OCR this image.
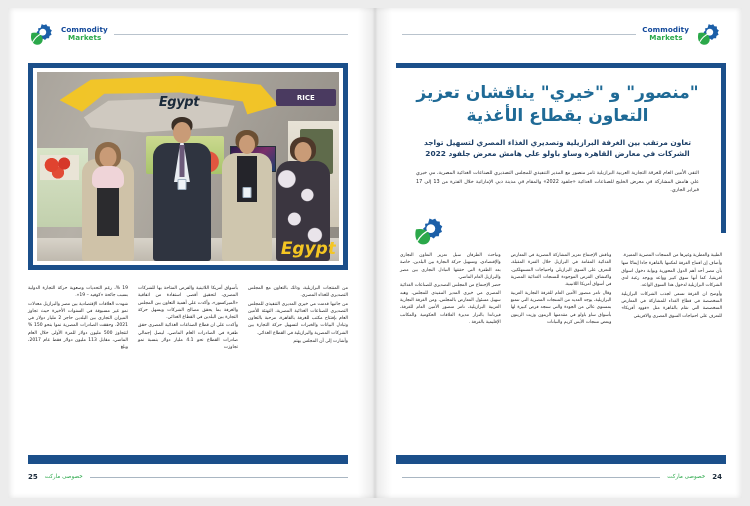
Commodity
Markets
Egypt	RICE
Egypt

19 %، رغم التحديات وصعوبة حركة التجارة الدولية بسبب جائحة «كوفيد – 19».

شهدت العلاقات الإقتصادية بين مصر والبرازيل معدلات نمو غير مسبوقة في السنوات الأخيرة حيث تجاوز الميزان التجاري بين البلدين حاجز 2 مليار دولار في 2021، وحققت الصادرات المصرية نموا بنحو 150 % لتتجاوز 500 مليون دولار للمرة الأولى خلال العام الماضي، مقابل 113 مليون دولار فقط عام 2017، وبلغ

بأسواق أمريكا اللاتينية والفرص المتاحة بها للشركات المصري، لتحقيق أقصى استفادة من اتفاقية «الميركسور»، وأكدت علي أهمية التعاون بين المجلس والغرفة بما يحقق مصالح الشركات ويسهل حركة التجارة بين البلدين في القطاع الغذائي.

وأكدت علي ان قطاع الصناعات الغذائية المصري حقق طفرة في الصادرات العام الماضي، ليصل إجمالي صادرات القطاع نحو 4.1 مليار دولار بنسبة نمو تجاوزت

من المنتجات البرازيلية، وذلك بالتعاون مع المجلس التصديري للغذاء المصري.

من جانبها قدمت مي خيري المديري التنفيذي للمجلس التصديري للصناعات الغذائية المصرية، التهنئة للأمين العام بإفتتاح مكتب للغرفة بالقاهرة، مرحبة بالتعاون وتبادل البيانات والخبرات لتسهيل حركة التجارة بين الشركات المصرية والبرازيلية في القطاع الغذائي.

وأشارت إلى أن المجلس يهتم

25 خصوصی مارکت
Commodity
Markets
"منصور" و "خيري" يناقشان تعزيز التعاون بقطاع الأغذية
تعاون مرتقب بين الغرفة البرازيلية وتصديري الغذاء المصري لتسهيل تواجد الشركات في معارض القاهرة وساو باولو علي هامش معرض جلفود 2022
التقى الأمين العام للغرفة التجارية العربية البرازيلية تامر منصور مع المدير التنفيذي للمجلس التصديري للصناعات الغذائية المصرية، مي خيري علي هامش المشاركة في معرض الخليج للصناعات الغذائية «جلفود 2022» والمقام في مدينة دبي الإماراتية خلال الفترة من 13 إلى 17 فبراير الجاري.

وتباحث الطرفان سبل تعزيز التعاون التجاري والإقتصادي، وتسهيل حركة التجارة بين البلدين، خاصة بعد الطفرة التي حققها التبادل التجاري بين مصر والبرازيل العام الماضي.

حضر الإجتماع من المجلس التصديري للصناعات الغذائية المصري مي خيري المدير التنفيذي للمجلس، وهبه سهيل مسئول المعارض بالمجلس، ومن الغرفة التجارية العربية البرازيلية، تامر منصور الأمين العام للغرفة، فيرناندا بالتزار مديرة العلاقات الحكومية والمكاتب الإقليمية بالغرفة .

وناقش الإجتماع تعزيز المشاركة المصرية في المعارض الغذائية المقامة في البرازيل خلال الفترة المقبلة، للتعرف على السوق البرازيلي واحتياجات المستهلكين، واكتشاف الفرص الموجودة للمنتجات الغذائية المصرية في أسواق أمريكا اللاتينية.

وقال تامر منصور الأمين العام للغرفة التجارية العربية البرازيلية، يوجد العديد من المنتجات المصرية التي تتمتع بمستوي عالي من الجودة والتي ستجد فرص كبيرة لها بأسواق ساو باولو في مقدمتها الزيتون وزيت الزيتون وبعض منتجات الأيس كريم والنباتات

الطبية والعطرية وغيرها من المنتجات المصرية المميزة.

وأضاف إن افتتاح الغرفة لمكتبها بالقاهرة جاءا إيمانًا منها بأن مصر أحد أهم الدول المحورية وبوابة دخول اسواق افريقيا، كما أنها سوق كبير وواعد ويوجد رغبة لدي الشركات البرازيلية لدخول هذا السوق الواعد.

وأوضح ان الغرفة تسعى لجذب الشركات البرازيلية المتخصصة في قطاع الغذاء للمشاركة في المعارض المتخصصة التي تقام بالقاهرة مثل «فوود أفريكا» للتعرف علي احتياجات السوق المصري والافريقي

24
خصوصی مارکت
